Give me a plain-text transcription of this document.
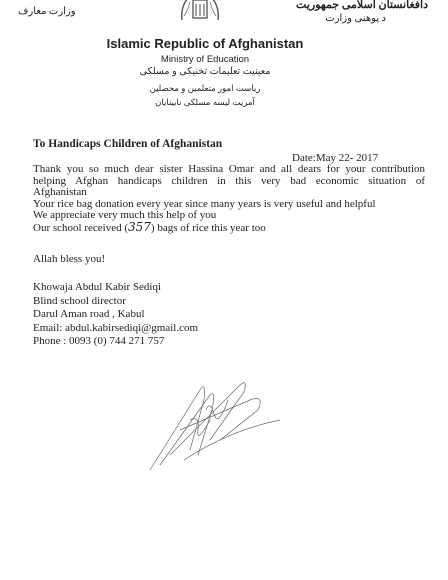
وزارت معارف
دافغانستان اسلامی جمهوریت
د پوهنی وزارت
Islamic Republic of Afghanistan
Ministry of Education
معینیت تعلیمات تخنیکی و مسلکی
ریاست امور متعلمین و محصلین
آمریت لیسه مسلکی نابینایان
To Handicaps Children of Afghanistan
Date:May 22- 2017
Thank you so much dear sister Hassina Omar and all dears for your contribution
helping Afghan handicaps children in this very bad economic situation of
Afghanistan
Your rice bag donation every year since many years is very useful and helpful
We appreciate very much this help of you
Our school received (357) bags of rice this year too
Allah bless you!
Khowaja Abdul Kabir Sediqi
Blind school director
Darul Aman road , Kabul
Email: abdul.kabirsediqi@gmail.com
Phone : 0093 (0) 744 271 757
